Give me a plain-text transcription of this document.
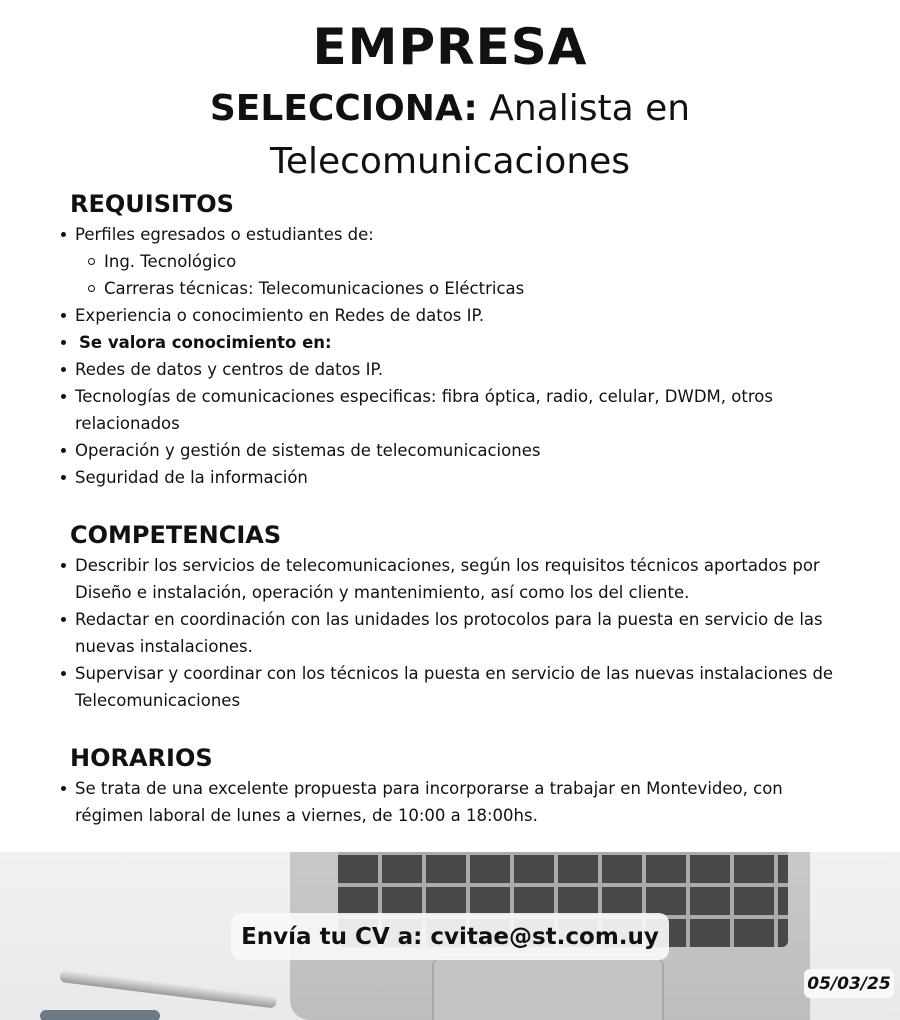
EMPRESA

SELECCIONA: Analista en Telecomunicaciones

REQUISITOS
Perfiles egresados o estudiantes de:
Ing. Tecnológico
Carreras técnicas: Telecomunicaciones o Eléctricas
Experiencia o conocimiento en Redes de datos IP.
Se valora conocimiento en:
Redes de datos y centros de datos IP.
Tecnologías de comunicaciones especificas: fibra óptica, radio, celular, DWDM, otros relacionados
Operación y gestión de sistemas de telecomunicaciones
Seguridad de la información
COMPETENCIAS
Describir los servicios de telecomunicaciones, según los requisitos técnicos aportados por Diseño e instalación, operación y mantenimiento, así como los del cliente.
Redactar en coordinación con las unidades los protocolos para la puesta en servicio de las nuevas instalaciones.
Supervisar y coordinar con los técnicos la puesta en servicio de las nuevas instalaciones de Telecomunicaciones
HORARIOS
Se trata de una excelente propuesta para incorporarse a trabajar en Montevideo, con régimen laboral de lunes a viernes, de 10:00 a 18:00hs.
Envía tu CV a: cvitae@st.com.uy
05/03/25
